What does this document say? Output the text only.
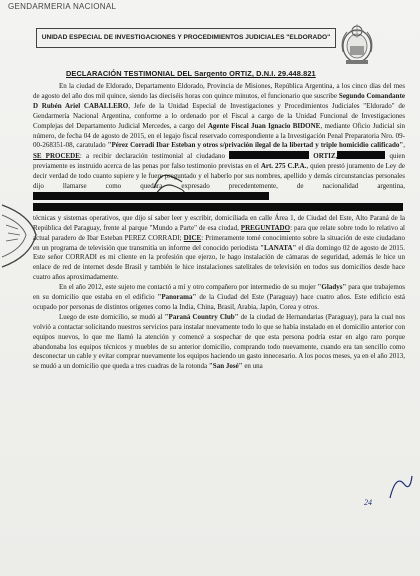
GENDARMERIA NACIONAL
UNIDAD ESPECIAL DE INVESTIGACIONES Y PROCEDIMIENTOS JUDICIALES "ELDORADO"
DECLARACIÓN TESTIMONIAL DEL Sargento ORTIZ, D.N.I. 29.448.821

En la ciudad de Eldorado, Departamento Eldorado, Provincia de Misiones, República Argentina, a los cinco días del mes de agosto del año dos mil quince, siendo las dieciséis horas con quince minutos, el funcionario que suscribe Segundo Comandante D Rubén Ariel CABALLERO, Jefe de la Unidad Especial de Investigaciones y Procedimientos Judiciales "Eldorado" de Gendarmería Nacional Argentina, conforme a lo ordenado por el Fiscal a cargo de la Unidad Funcional de Investigaciones Complejas del Departamento Judicial Mercedes, a cargo del Agente Fiscal Juan Ignacio BIDONE, mediante Oficio Judicial sin número, de fecha 04 de agosto de 2015, en el legajo fiscal reservado correspondiente a la Investigación Penal Preparatoria Nro. 09-00-268351-08, caratulado "Pérez Corradi Ibar Esteban y otros s/privación ilegal de la libertad y triple homicidio calificado", SE PROCEDE: a recibir declaración testimonial al ciudadano	ORTIZ,	quien previamente es instruido acerca de las penas por falso testimonio previstas en el Art. 275 C.P.A., quien prestó juramento de Ley de decir verdad de todo cuanto supiere y le fuere preguntado y el haberlo por sus nombres, apellido y demás circunstancias personales dijo llamarse como quedara expresado precedentemente, de nacionalidad argentina,  técnicas y sistemas operativos, que dijo sí saber leer y escribir, domiciliada en calle Área 1, de Ciudad del Este, Alto Paraná de la República del Paraguay, frente al parque "Mundo a Parte" de esa ciudad, PREGUNTADO: para que relate sobre todo lo relativo al actual paradero de Ibar Esteban PEREZ CORRADI; DICE: Primeramente tomé conocimiento sobre la situación de este ciudadano en un programa de televisión que transmitía un informe del conocido periodista "LANATA" el día domingo 02 de agosto de 2015. Este señor CORRADI es mi cliente en la profesión que ejerzo, le hago instalación de cámaras de seguridad, además le hice un enlace de red de internet desde Brasil y también le hice instalaciones satelitales de televisión en todos sus domicilios desde hace cuatro años aproximadamente.

En el año 2012, este sujeto me contactó a mí y otro compañero por intermedio de su mujer "Gladys" para que trabajemos en su domicilio que estaba en el edificio "Panorama" de la Ciudad del Este (Paraguay) hace cuatro años. Este edificio está ocupado por personas de distintos orígenes como la India, China, Brasil, Arabia, Japón, Corea y otros.

Luego de este domicilio, se mudó al "Paraná Country Club" de la ciudad de Hernandarias (Paraguay), para la cual nos volvió a contactar solicitando nuestros servicios para instalar nuevamente todo lo que se había instalado en el domicilio anterior con equipos nuevos, lo que me llamó la atención y comencé a sospechar de que esta persona podría estar en algo raro porque abandonaba los equipos técnicos y muebles de su anterior domicilio, comprando todo nuevamente, cuando era tan sencillo como desconectar un cable y evitar comprar nuevamente los equipos haciendo un gasto innecesario. A los pocos meses, ya en el año 2013, se mudó a un domicilio que queda a tres cuadras de la rotonda "San José" en una

24
